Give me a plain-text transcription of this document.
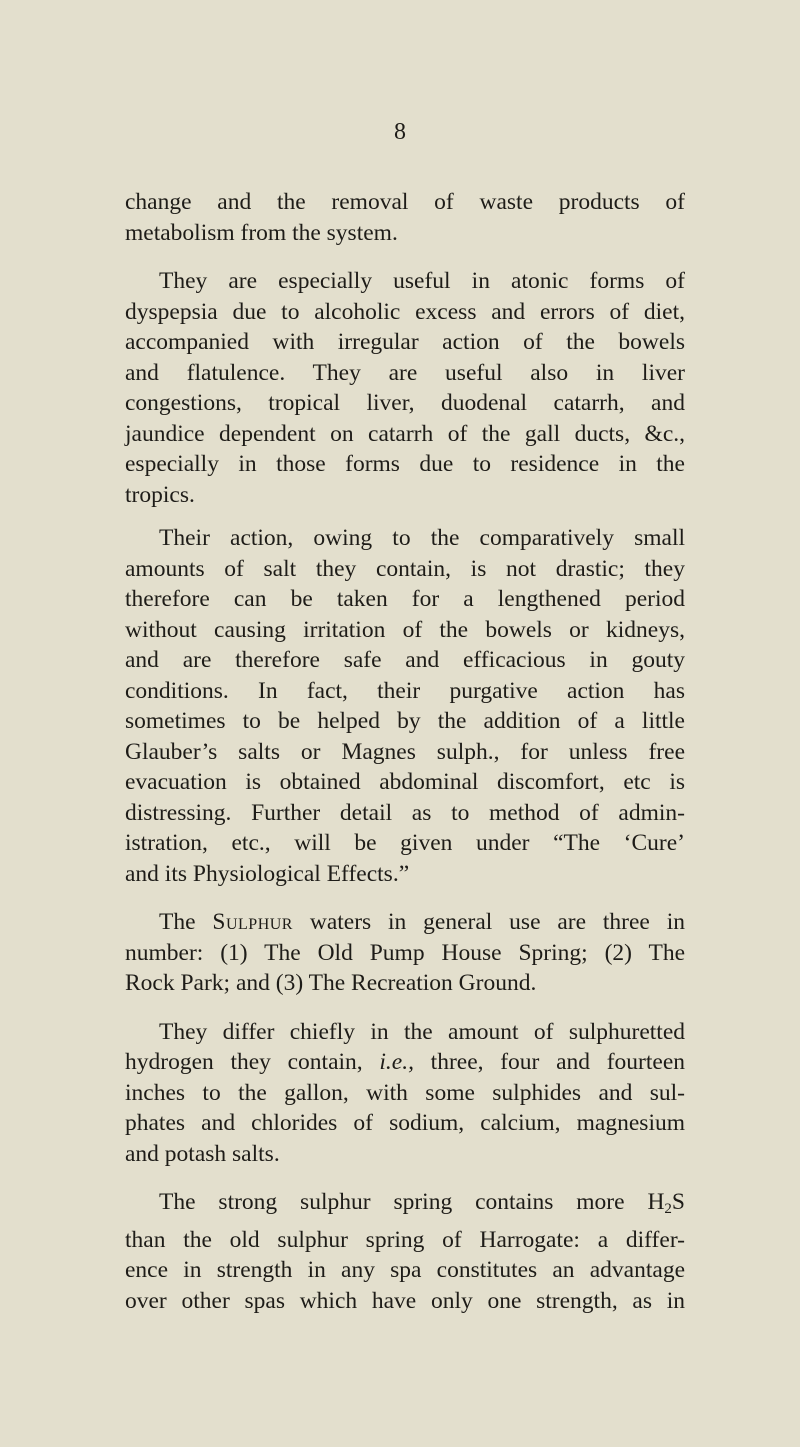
8
change and the removal of waste products of
metabolism from the system.
They are especially useful in atonic forms of
dyspepsia due to alcoholic excess and errors of diet,
accompanied with irregular action of the bowels
and flatulence. They are useful also in liver
congestions, tropical liver, duodenal catarrh, and
jaundice dependent on catarrh of the gall ducts, &c.,
especially in those forms due to residence in the
tropics.
Their action, owing to the comparatively small
amounts of salt they contain, is not drastic; they
therefore can be taken for a lengthened period
without causing irritation of the bowels or kidneys,
and are therefore safe and efficacious in gouty
conditions. In fact, their purgative action has
sometimes to be helped by the addition of a little
Glauber’s salts or Magnes sulph., for unless free
evacuation is obtained abdominal discomfort, etc is
distressing. Further detail as to method of admin-
istration, etc., will be given under “The ‘Cure’
and its Physiological Effects.”
The Sulphur waters in general use are three in
number: (1) The Old Pump House Spring; (2) The
Rock Park; and (3) The Recreation Ground.
They differ chiefly in the amount of sulphuretted
hydrogen they contain, i.e., three, four and fourteen
inches to the gallon, with some sulphides and sul-
phates and chlorides of sodium, calcium, magnesium
and potash salts.
The strong sulphur spring contains more $H_2S$
than the old sulphur spring of Harrogate: a differ-
ence in strength in any spa constitutes an advantage
over other spas which have only one strength, as in
